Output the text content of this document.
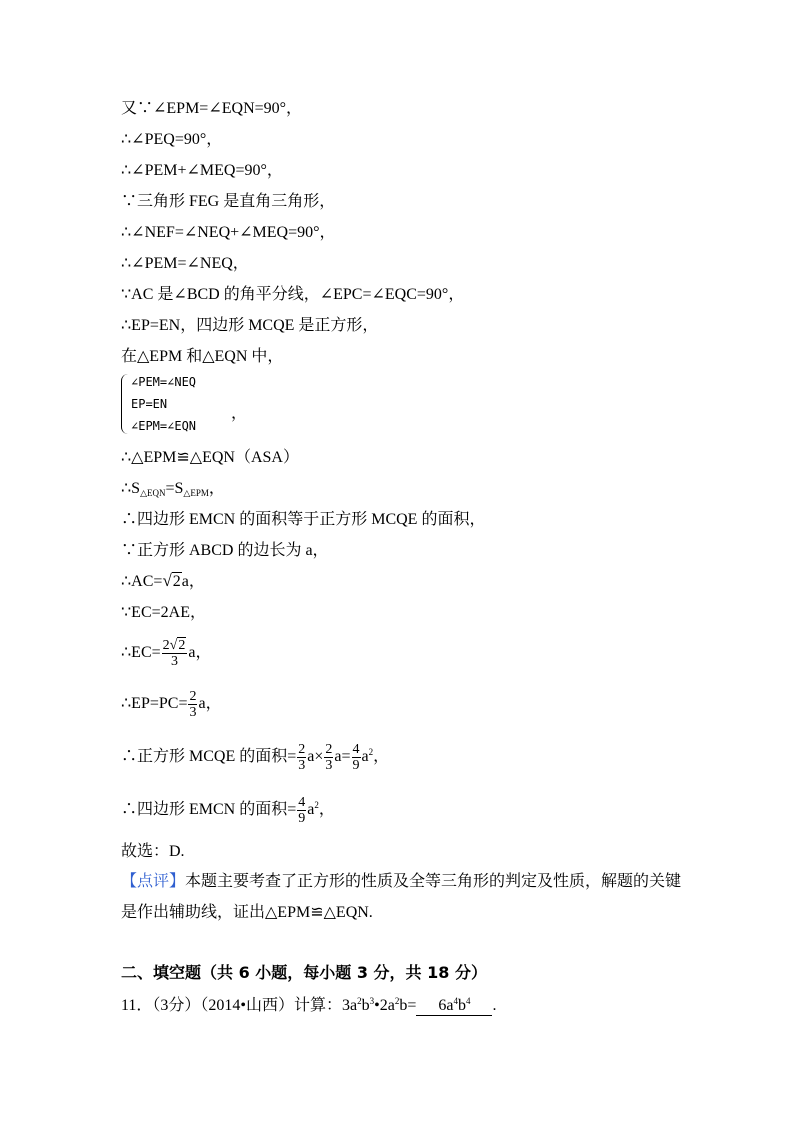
又∵∠EPM=∠EQN=90°，
∴∠PEQ=90°，
∴∠PEM+∠MEQ=90°，
∵三角形 FEG 是直角三角形，
∴∠NEF=∠NEQ+∠MEQ=90°，
∴∠PEM=∠NEQ，
∵AC 是∠BCD 的角平分线，∠EPC=∠EQC=90°，
∴EP=EN，四边形 MCQE 是正方形，
在△EPM 和△EQN 中，
∠PEM=∠NEQ
EP=EN
∠EPM=∠EQN
，
∴△EPM≌△EQN（ASA）
$\therefore S_{\triangle EQN}=S_{\triangle EPM}$，
∴四边形 EMCN 的面积等于正方形 MCQE 的面积，
∵正方形 ABCD 的边长为 a，
∴AC=√2a，
∵EC=2AE，
∴EC= $\frac{2√2}{3}$ a，
∴EP=PC= $\frac{2}{3}$ a，
∴正方形 MCQE 的面积= $\frac{2}{3} a\times \frac{2}{3} a= \frac{4}{9} a^2$，
∴四边形 EMCN 的面积= $\frac{4}{9} a^2$，
故选：D.
【点评】本题主要考查了正方形的性质及全等三角形的判定及性质，解题的关键
是作出辅助线，证出△EPM≌△EQN.
二、填空题（共 6 小题，每小题 3 分，共 18 分）
11．（3分）（2014•山西）计算：$3a^2b^3•2a^2b= 6a^4b^4$ .
